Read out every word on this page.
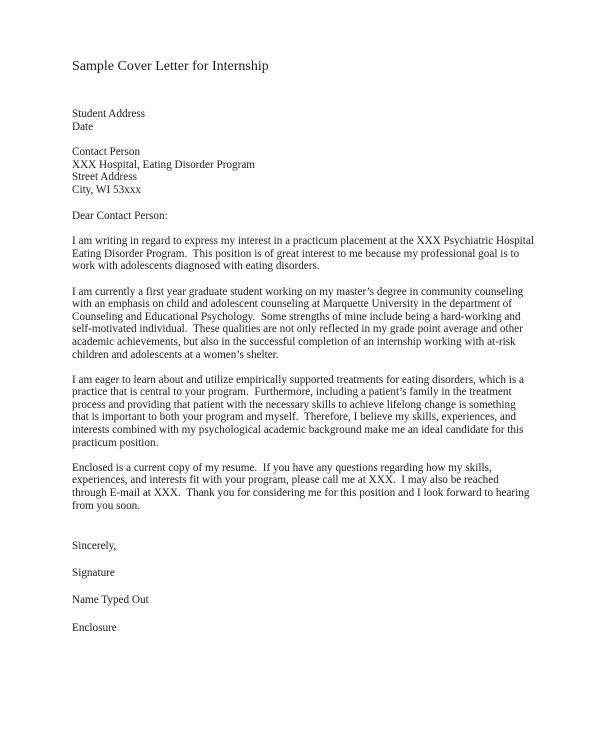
Sample Cover Letter for Internship

Student Address

Date

Contact Person

XXX Hospital, Eating Disorder Program

Street Address

City, WI 53xxx

Dear Contact Person:

I am writing in regard to express my interest in a practicum placement at the XXX Psychiatric Hospital Eating Disorder Program.  This position is of great interest to me because my professional goal is to work with adolescents diagnosed with eating disorders.

I am currently a first year graduate student working on my master’s degree in community counseling with an emphasis on child and adolescent counseling at Marquette University in the department of Counseling and Educational Psychology.  Some strengths of mine include being a hard-working and self-motivated individual.  These qualities are not only reflected in my grade point average and other academic achievements, but also in the successful completion of an internship working with at-risk children and adolescents at a women’s shelter.

I am eager to learn about and utilize empirically supported treatments for eating disorders, which is a practice that is central to your program.  Furthermore, including a patient’s family in the treatment process and providing that patient with the necessary skills to achieve lifelong change is something that is important to both your program and myself.  Therefore, I believe my skills, experiences, and interests combined with my psychological academic background make me an ideal candidate for this practicum position.

Enclosed is a current copy of my resume.  If you have any questions regarding how my skills, experiences, and interests fit with your program, please call me at XXX.  I may also be reached through E-mail at XXX.  Thank you for considering me for this position and I look forward to hearing from you soon.

Sincerely,

Signature

Name Typed Out

Enclosure
